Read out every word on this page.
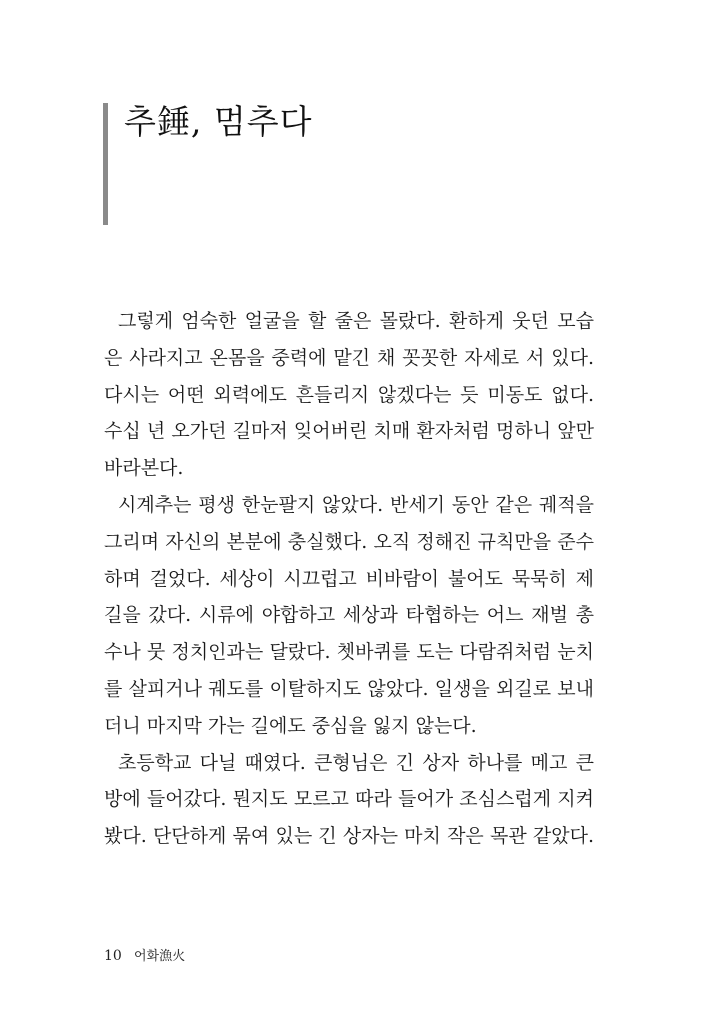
추錘, 멈추다
그렇게 엄숙한 얼굴을 할 줄은 몰랐다. 환하게 웃던 모습
은 사라지고 온몸을 중력에 맡긴 채 꼿꼿한 자세로 서 있다.
다시는 어떤 외력에도 흔들리지 않겠다는 듯 미동도 없다.
수십 년 오가던 길마저 잊어버린 치매 환자처럼 멍하니 앞만
바라본다.
시계추는 평생 한눈팔지 않았다. 반세기 동안 같은 궤적을
그리며 자신의 본분에 충실했다. 오직 정해진 규칙만을 준수
하며 걸었다. 세상이 시끄럽고 비바람이 불어도 묵묵히 제
길을 갔다. 시류에 야합하고 세상과 타협하는 어느 재벌 총
수나 뭇 정치인과는 달랐다. 쳇바퀴를 도는 다람쥐처럼 눈치
를 살피거나 궤도를 이탈하지도 않았다. 일생을 외길로 보내
더니 마지막 가는 길에도 중심을 잃지 않는다.
초등학교 다닐 때였다. 큰형님은 긴 상자 하나를 메고 큰
방에 들어갔다. 뭔지도 모르고 따라 들어가 조심스럽게 지켜
봤다. 단단하게 묶여 있는 긴 상자는 마치 작은 목관 같았다.
10 어화漁火
